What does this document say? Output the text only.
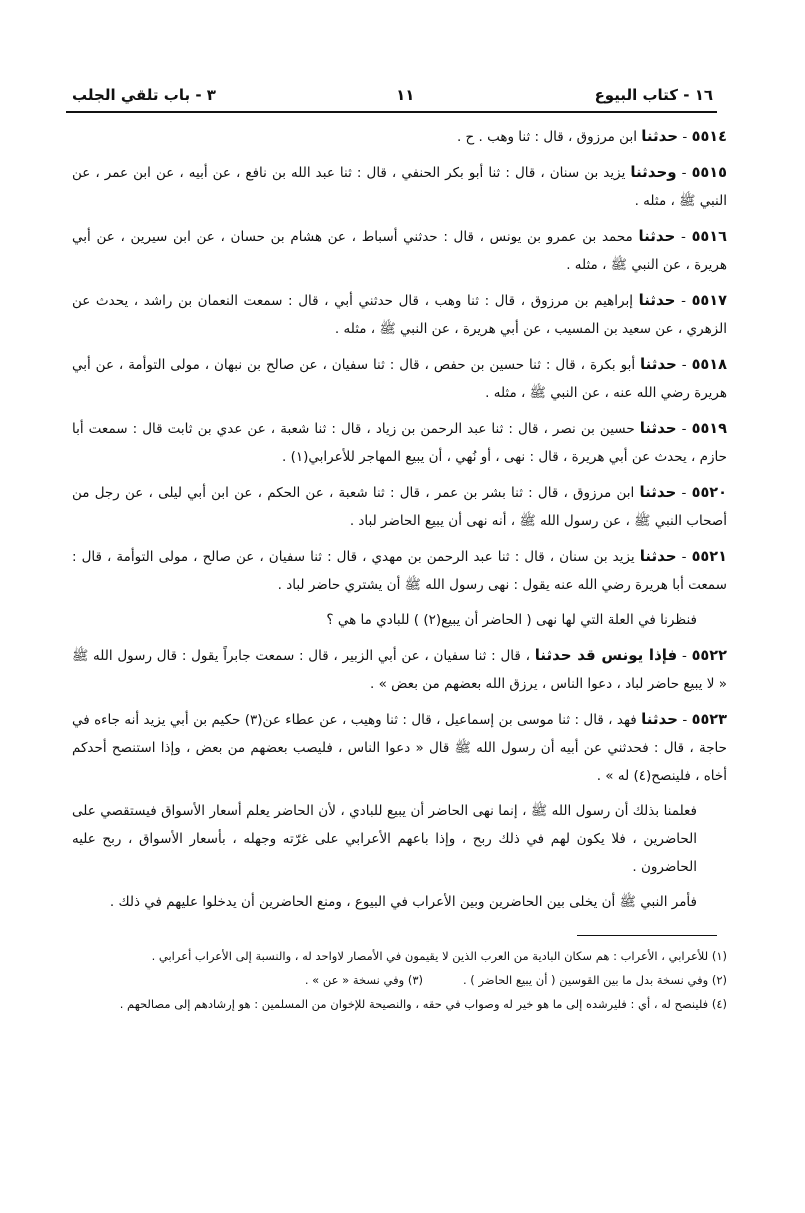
١٦ - كتاب البيوع
١١
٣ - باب تلقي الجلب

٥٥١٤ - حدثنا ابن مرزوق ، قال : ثنا وهب . ح .

٥٥١٥ - وحدثنا يزيد بن سنان ، قال : ثنا أبو بكر الحنفي ، قال : ثنا عبد الله بن نافع ، عن أبيه ، عن ابن عمر ، عن النبي ﷺ ، مثله .

٥٥١٦ - حدثنا محمد بن عمرو بن يونس ، قال : حدثني أسباط ، عن هشام بن حسان ، عن ابن سيرين ، عن أبي هريرة ، عن النبي ﷺ ، مثله .

٥٥١٧ - حدثنا إبراهيم بن مرزوق ، قال : ثنا وهب ، قال حدثني أبي ، قال : سمعت النعمان بن راشد ، يحدث عن الزهري ، عن سعيد بن المسيب ، عن أبي هريرة ، عن النبي ﷺ ، مثله .

٥٥١٨ - حدثنا أبو بكرة ، قال : ثنا حسين بن حفص ، قال : ثنا سفيان ، عن صالح بن نبهان ، مولى التوأمة ، عن أبي هريرة رضي الله عنه ، عن النبي ﷺ ، مثله .

٥٥١٩ - حدثنا حسين بن نصر ، قال : ثنا عبد الرحمن بن زياد ، قال : ثنا شعبة ، عن عدي بن ثابت قال : سمعت أبا حازم ، يحدث عن أبي هريرة ، قال : نهى ، أو نُهي ، أن يبيع المهاجر للأعرابي(١) .

٥٥٢٠ - حدثنا ابن مرزوق ، قال : ثنا بشر بن عمر ، قال : ثنا شعبة ، عن الحكم ، عن ابن أبي ليلى ، عن رجل من أصحاب النبي ﷺ ، عن رسول الله ﷺ ، أنه نهى أن يبيع الحاضر لباد .

٥٥٢١ - حدثنا يزيد بن سنان ، قال : ثنا عبد الرحمن بن مهدي ، قال : ثنا سفيان ، عن صالح ، مولى التوأمة ، قال : سمعت أبا هريرة رضي الله عنه يقول : نهى رسول الله ﷺ أن يشتري حاضر لباد .

فنظرنا في العلة التي لها نهى ( الحاضر أن يبيع(٢) ) للبادي ما هي ؟

٥٥٢٢ - فإذا يونس قد حدثنا ، قال : ثنا سفيان ، عن أبي الزبير ، قال : سمعت جابراً يقول : قال رسول الله ﷺ « لا يبيع حاضر لباد ، دعوا الناس ، يرزق الله بعضهم من بعض » .

٥٥٢٣ - حدثنا فهد ، قال : ثنا موسى بن إسماعيل ، قال : ثنا وهيب ، عن عطاء عن(٣) حكيم بن أبي يزيد أنه جاءه في حاجة ، قال : فحدثني عن أبيه أن رسول الله ﷺ قال « دعوا الناس ، فليصب بعضهم من بعض ، وإذا استنصح أحدكم أخاه ، فلينصح(٤) له » .

فعلمنا بذلك أن رسول الله ﷺ ، إنما نهى الحاضر أن يبيع للبادي ، لأن الحاضر يعلم أسعار الأسواق فيستقصي على الحاضرين ، فلا يكون لهم في ذلك ربح ، وإذا باعهم الأعرابي على غرّته وجهله ، بأسعار الأسواق ، ربح عليه الحاضرون .

فأمر النبي ﷺ أن يخلى بين الحاضرين وبين الأعراب في البيوع ، ومنع الحاضرين أن يدخلوا عليهم في ذلك .

(١) للأعرابي ، الأعراب : هم سكان البادية من العرب الذين لا يقيمون في الأمصار لاواحد له ، والنسبة إلى الأعراب أعرابي .
(٢) وفي نسخة بدل ما بين القوسين ( أن يبيع الحاضر ) .
(٣) وفي نسخة « عن » .
(٤) فلينصح له ، أي : فليرشده إلى ما هو خير له وصواب في حقه ، والنصيحة للإخوان من المسلمين : هو إرشادهم إلى مصالحهم .
